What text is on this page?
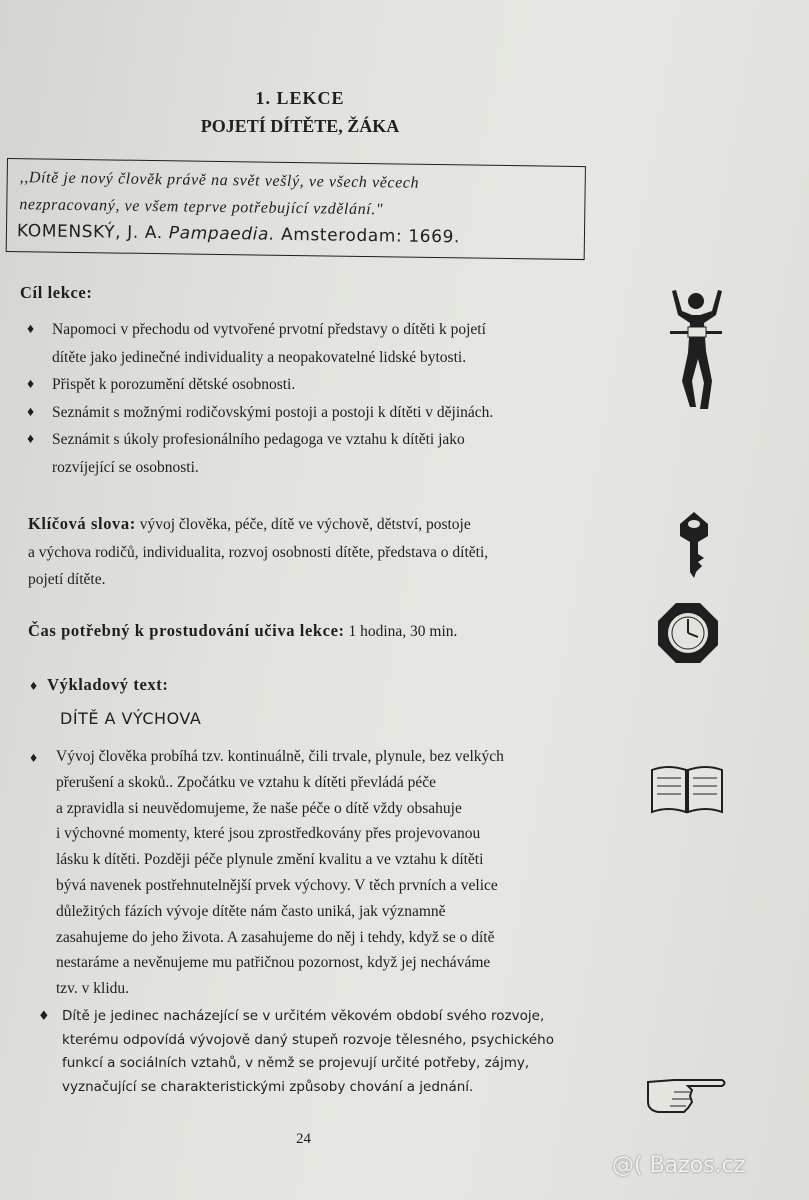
1. LEKCE
POJETÍ DÍTĚTE, ŽÁKA
,,Dítě je nový člověk právě na svět vešlý, ve všech věcech
nezpracovaný, ve všem teprve potřebující vzdělání."
KOMENSKÝ, J. A. Pampaedia. Amsterodam: 1669.
Cíl lekce:
♦ Napomoci v přechodu od vytvořené prvotní představy o dítěti k pojetí
dítěte jako jedinečné individuality a neopakovatelné lidské bytosti.
♦ Přispět k porozumění dětské osobnosti.
♦ Seznámit s možnými rodičovskými postoji a postoji k dítěti v dějinách.
♦ Seznámit s úkoly profesionálního pedagoga ve vztahu k dítěti jako
rozvíjející se osobnosti.
Klíčová slova: vývoj člověka, péče, dítě ve výchově, dětství, postoje
a výchova rodičů, individualita, rozvoj osobnosti dítěte, představa o dítěti,
pojetí dítěte.
Čas potřebný k prostudování učiva lekce: 1 hodina, 30 min.
♦ Výkladový text:
DÍTĚ A VÝCHOVA
♦ Vývoj člověka probíhá tzv. kontinuálně, čili trvale, plynule, bez velkých
přerušení a skoků.. Zpočátku ve vztahu k dítěti převládá péče
a zpravidla si neuvědomujeme, že naše péče o dítě vždy obsahuje
i výchovné momenty, které jsou zprostředkovány přes projevovanou
lásku k dítěti. Později péče plynule změní kvalitu a ve vztahu k dítěti
bývá navenek postřehnutelnější prvek výchovy. V těch prvních a velice
důležitých fázích vývoje dítěte nám často uniká, jak významně
zasahujeme do jeho života. A zasahujeme do něj i tehdy, když se o dítě
nestaráme a nevěnujeme mu patřičnou pozornost, když jej necháváme
tzv. v klidu.
♦ Dítě je jedinec nacházející se v určitém věkovém období svého rozvoje,
kterému odpovídá vývojově daný stupeň rozvoje tělesného, psychického
funkcí a sociálních vztahů, v němž se projevují určité potřeby, zájmy,
vyznačující se charakteristickými způsoby chování a jednání.
24
@( Bazos.cz
